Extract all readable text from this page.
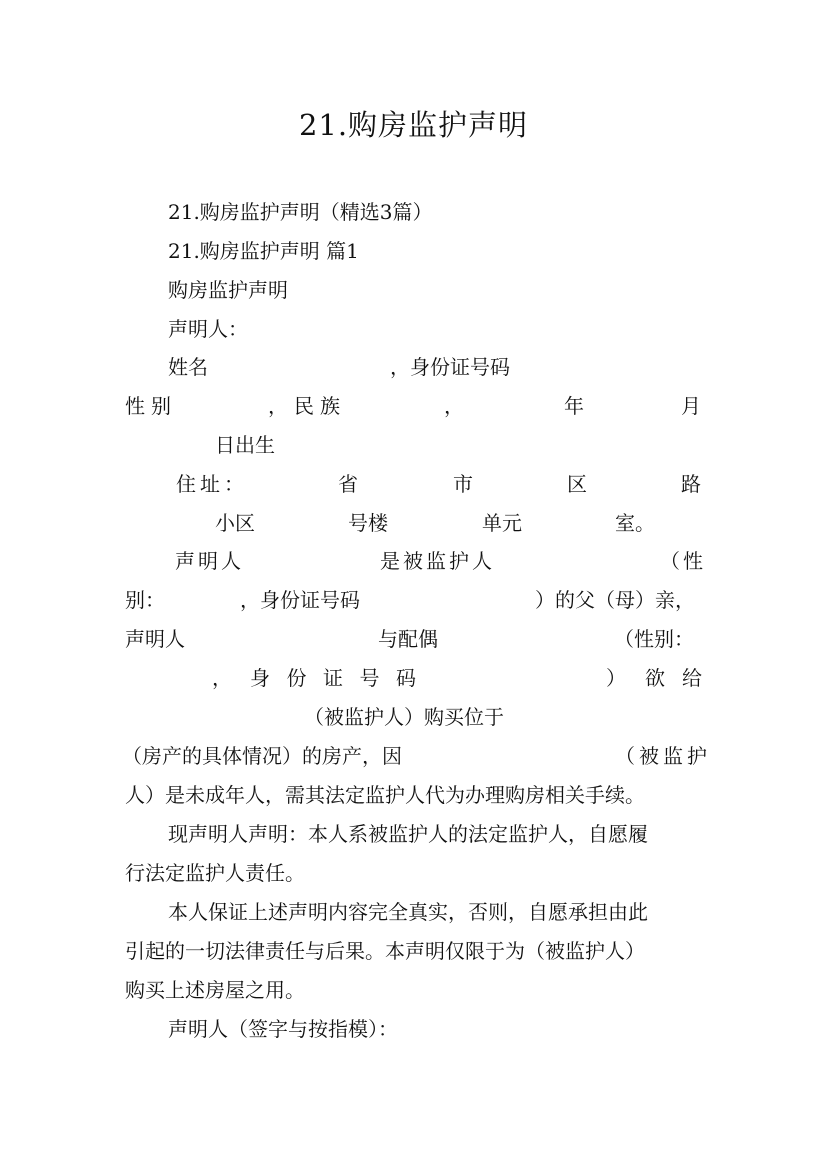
21.购房监护声明
21.购房监护声明（精选3篇）
21.购房监护声明 篇1
购房监护声明
声明人：
姓名	，身份证号码
性别	，民族	，	年	月
日出生
住址：	省	市	区	路
小区	号楼	单元	室。
声明人	是被监护人	（性
别：	，身份证号码	）的父（母）亲，
声明人	与配偶	（性别：
， 身 份 证 号 码	） 欲 给
（被监护人）购买位于
（房产的具体情况）的房产，因	（被监护
人）是未成年人，需其法定监护人代为办理购房相关手续。
现声明人声明：本人系被监护人的法定监护人，自愿履
行法定监护人责任。
本人保证上述声明内容完全真实，否则，自愿承担由此
引起的一切法律责任与后果。本声明仅限于为（被监护人）
购买上述房屋之用。
声明人（签字与按指模）：
